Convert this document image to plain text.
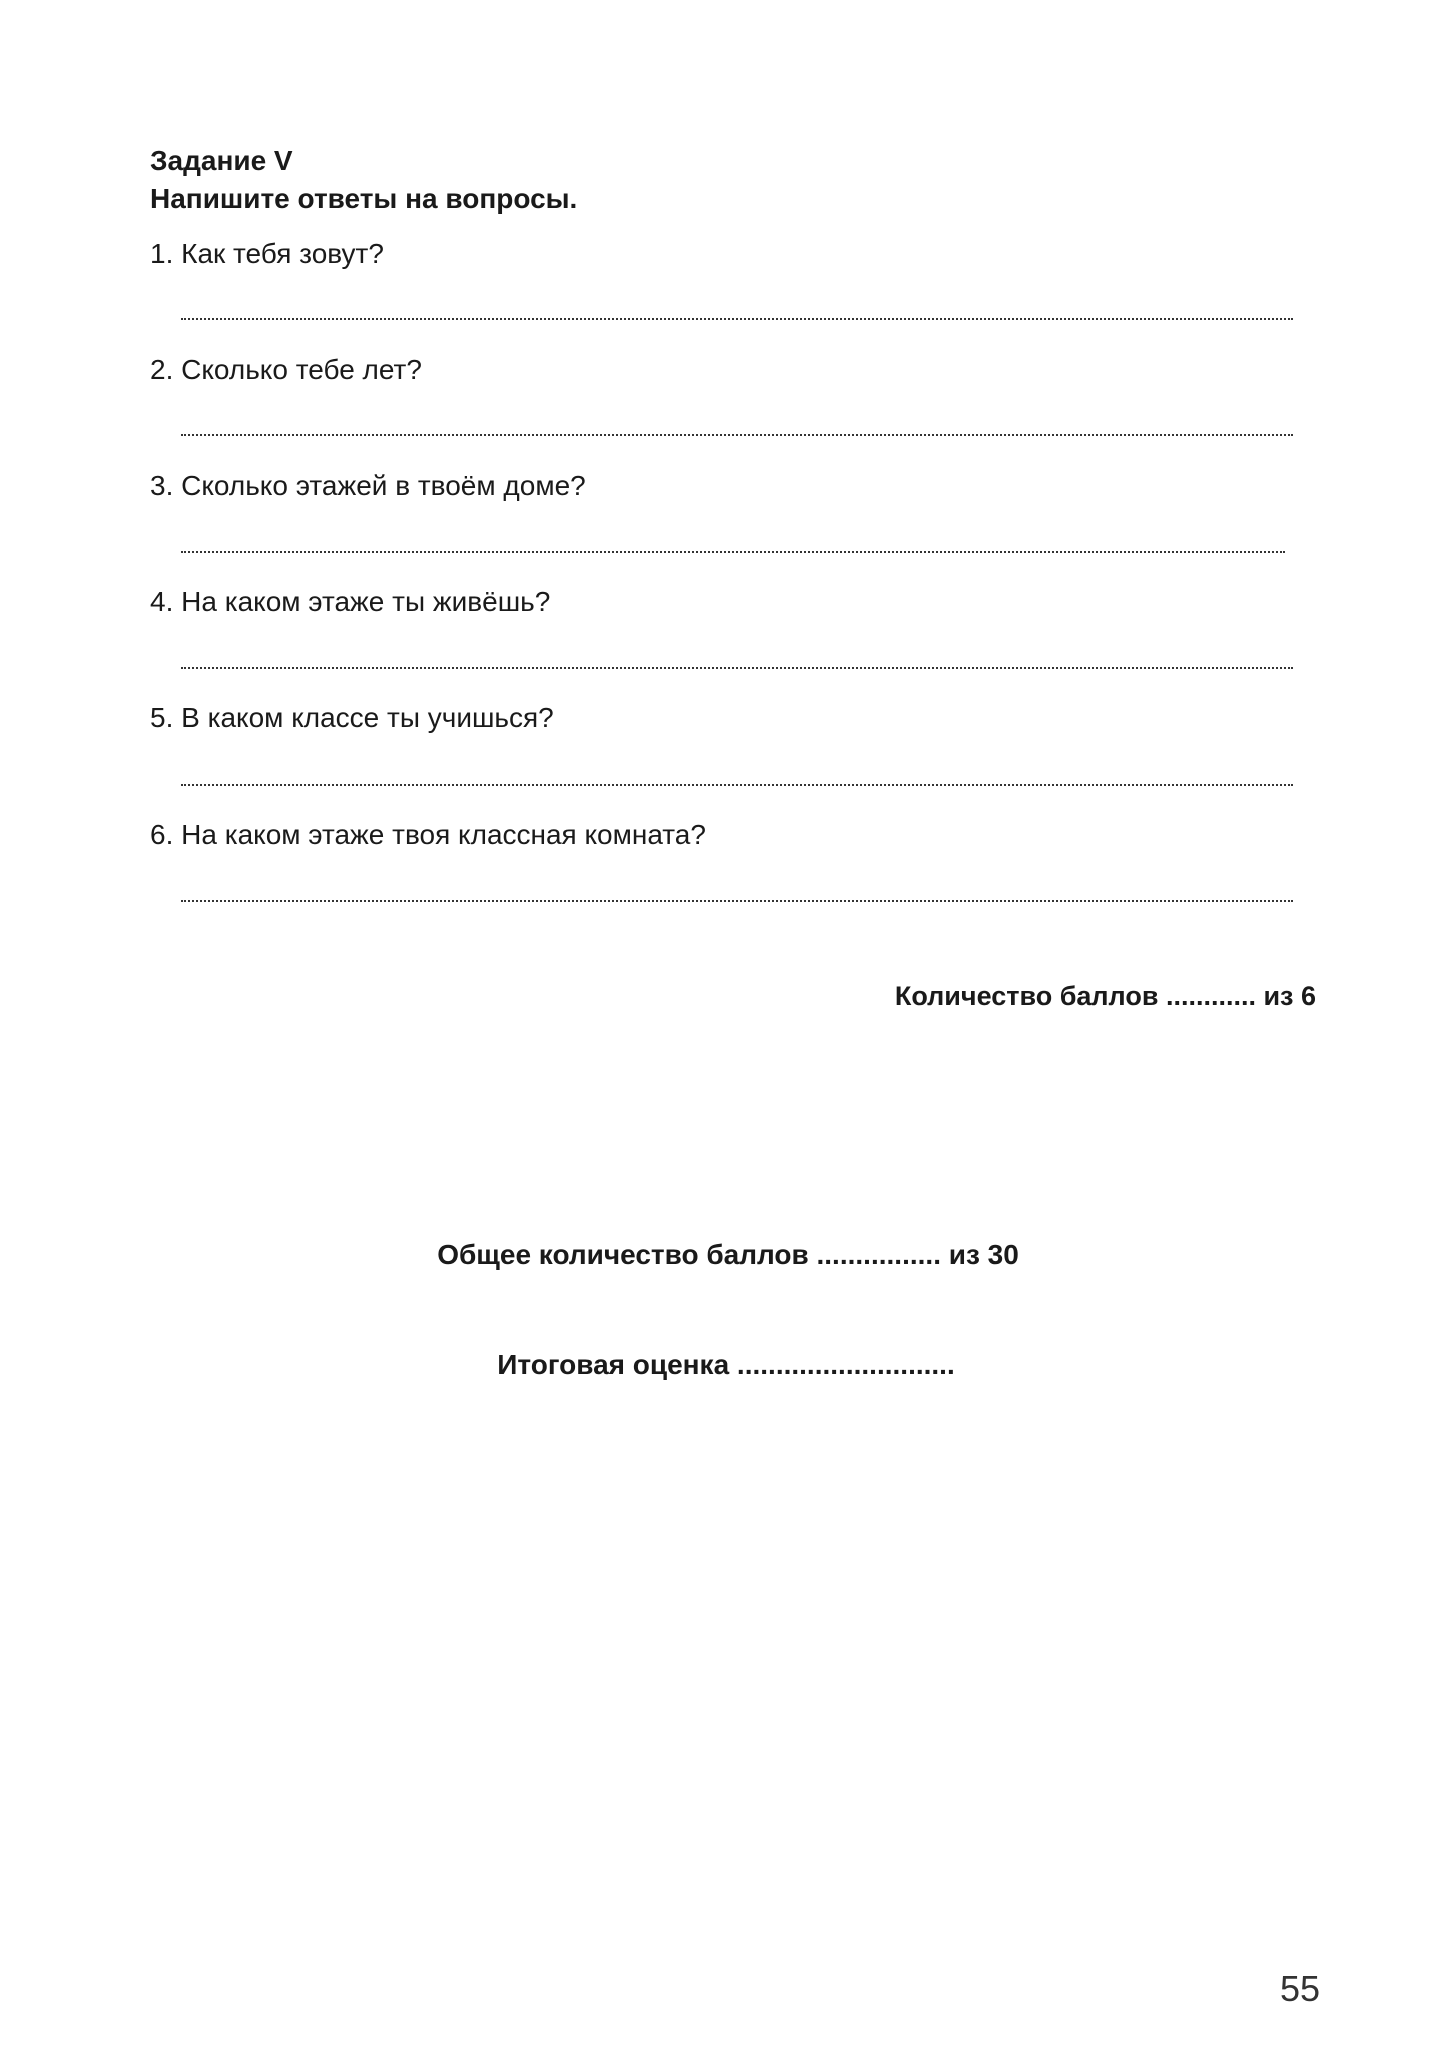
Задание V
Напишите ответы на вопросы.
1. Как тебя зовут?
2. Сколько тебе лет?
3. Сколько этажей в твоём доме?
4. На каком этаже ты живёшь?
5. В каком классе ты учишься?
6. На каком этаже твоя классная комната?
Количество баллов ............ из 6
Общее количество баллов ................ из 30
Итоговая оценка ............................
55
